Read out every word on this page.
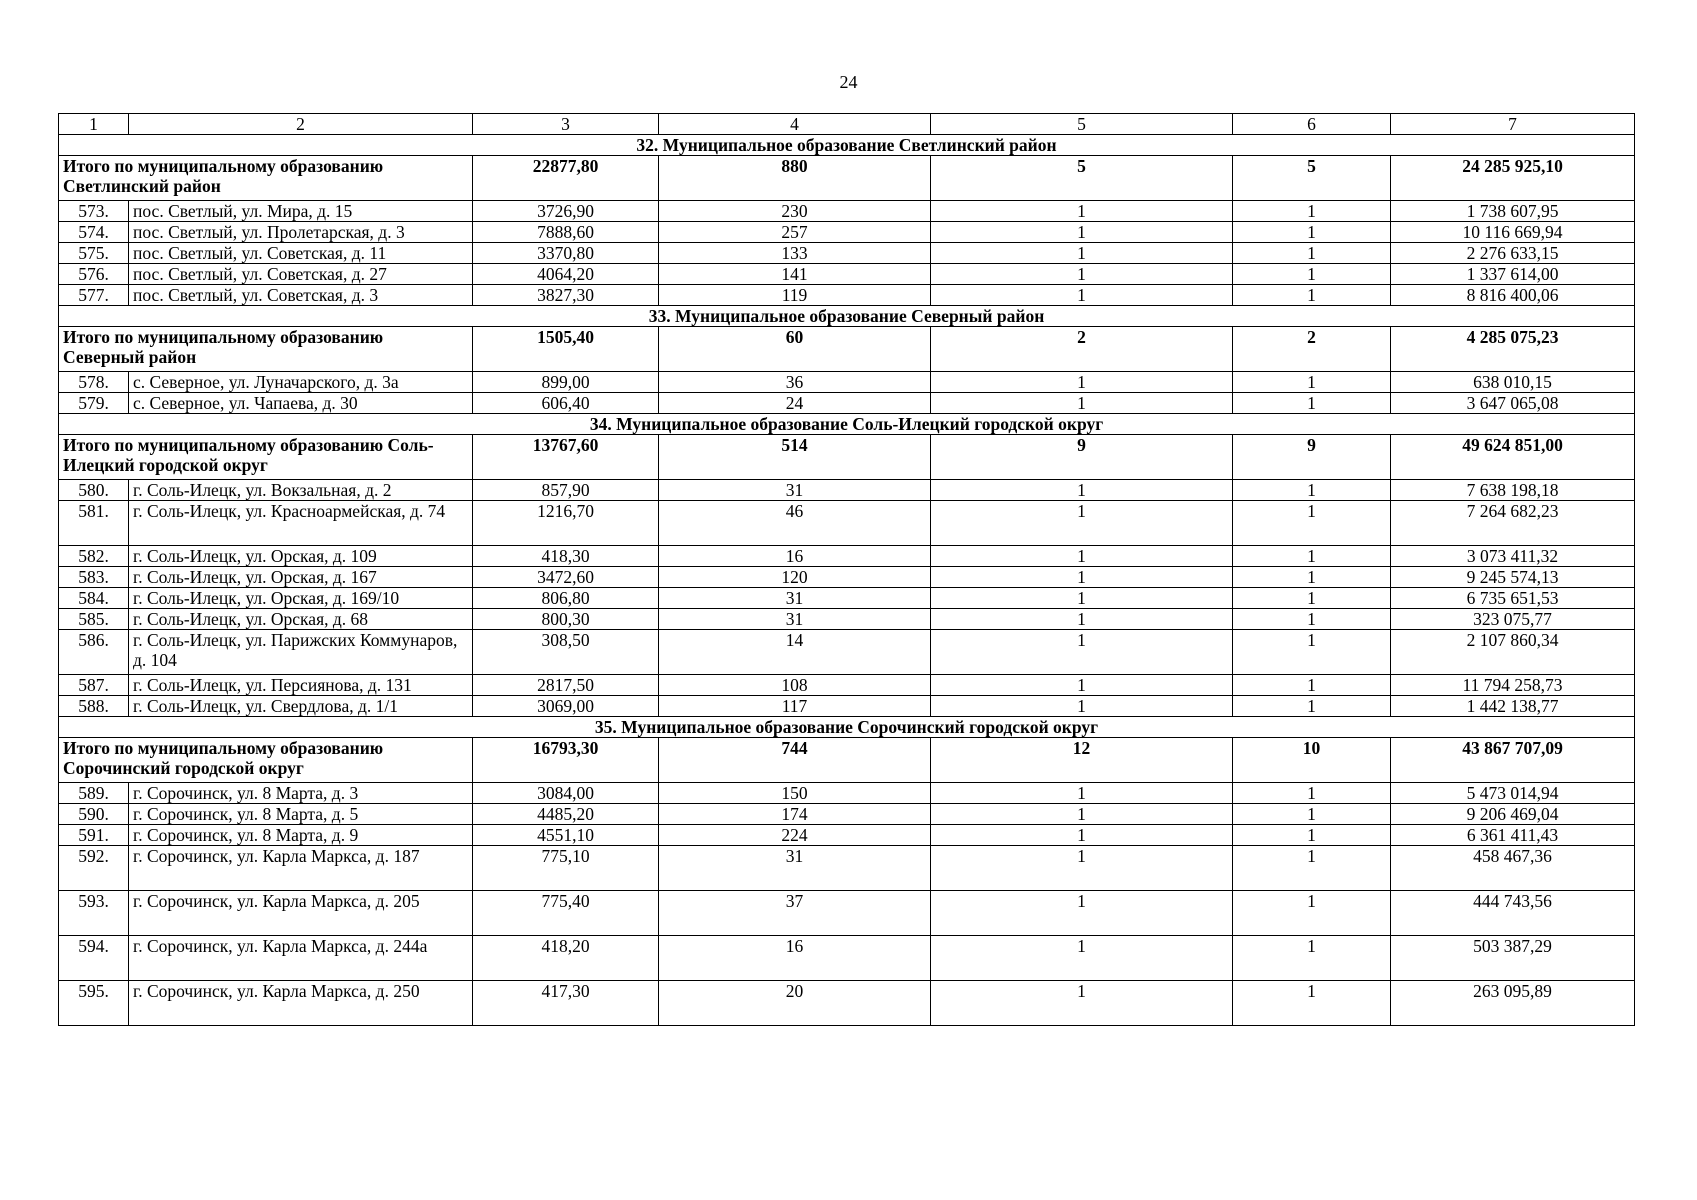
24
1	2	3	4	5	6	7
32. Муниципальное образование Светлинский район						
Итого по муниципальному образованию Светлинский район		22877,80	880	5	5	24 285 925,10
573.	пос. Светлый, ул. Мира, д. 15	3726,90	230	1	1	1 738 607,95
574.	пос. Светлый, ул. Пролетарская, д. 3	7888,60	257	1	1	10 116 669,94
575.	пос. Светлый, ул. Советская, д. 11	3370,80	133	1	1	2 276 633,15
576.	пос. Светлый, ул. Советская, д. 27	4064,20	141	1	1	1 337 614,00
577.	пос. Светлый, ул. Советская, д. 3	3827,30	119	1	1	8 816 400,06
33. Муниципальное образование Северный район						
Итого по муниципальному образованию Северный район		1505,40	60	2	2	4 285 075,23
578.	с. Северное, ул. Луначарского, д. 3а	899,00	36	1	1	638 010,15
579.	с. Северное, ул. Чапаева, д. 30	606,40	24	1	1	3 647 065,08
34. Муниципальное образование Соль-Илецкий городской округ						
Итого по муниципальному образованию Соль-Илецкий городской округ		13767,60	514	9	9	49 624 851,00
580.	г. Соль-Илецк, ул. Вокзальная, д. 2	857,90	31	1	1	7 638 198,18
581.	г. Соль-Илецк, ул. Красноармейская, д. 74	1216,70	46	1	1	7 264 682,23
582.	г. Соль-Илецк, ул. Орская, д. 109	418,30	16	1	1	3 073 411,32
583.	г. Соль-Илецк, ул. Орская, д. 167	3472,60	120	1	1	9 245 574,13
584.	г. Соль-Илецк, ул. Орская, д. 169/10	806,80	31	1	1	6 735 651,53
585.	г. Соль-Илецк, ул. Орская, д. 68	800,30	31	1	1	323 075,77
586.	г. Соль-Илецк, ул. Парижских Коммунаров, д. 104	308,50	14	1	1	2 107 860,34
587.	г. Соль-Илецк, ул. Персиянова, д. 131	2817,50	108	1	1	11 794 258,73
588.	г. Соль-Илецк, ул. Свердлова, д. 1/1	3069,00	117	1	1	1 442 138,77
35. Муниципальное образование Сорочинский городской округ						
Итого по муниципальному образованию Сорочинский городской округ		16793,30	744	12	10	43 867 707,09
589.	г. Сорочинск, ул. 8 Марта, д. 3	3084,00	150	1	1	5 473 014,94
590.	г. Сорочинск, ул. 8 Марта, д. 5	4485,20	174	1	1	9 206 469,04
591.	г. Сорочинск, ул. 8 Марта, д. 9	4551,10	224	1	1	6 361 411,43
592.	г. Сорочинск, ул. Карла Маркса, д. 187	775,10	31	1	1	458 467,36
593.	г. Сорочинск, ул. Карла Маркса, д. 205	775,40	37	1	1	444 743,56
594.	г. Сорочинск, ул. Карла Маркса, д. 244а	418,20	16	1	1	503 387,29
595.	г. Сорочинск, ул. Карла Маркса, д. 250	417,30	20	1	1	263 095,89
